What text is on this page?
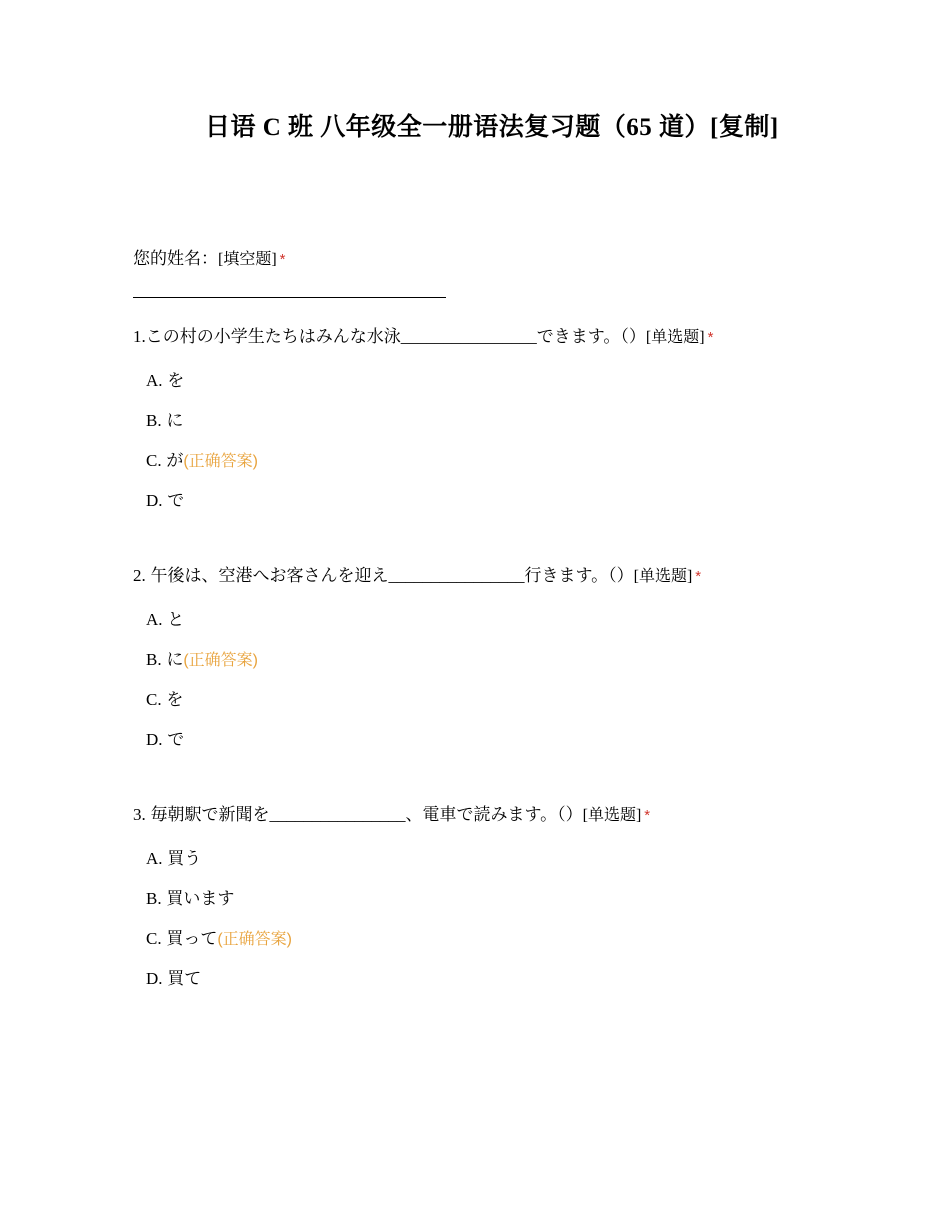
日语 C 班 八年级全一册语法复习题（65 道）[复制]
您的姓名：[填空题] *
1.この村の小学生たちはみんな水泳________________できます。（）[单选题] *
A. を
B. に
C. が(正确答案)
D. で
2. 午後は、空港へお客さんを迎え________________行きます。（）[单选题] *
A. と
B. に(正确答案)
C. を
D. で
3. 毎朝駅で新聞を________________、電車で読みます。（）[单选题] *
A. 買う
B. 買います
C. 買って(正确答案)
D. 買て
